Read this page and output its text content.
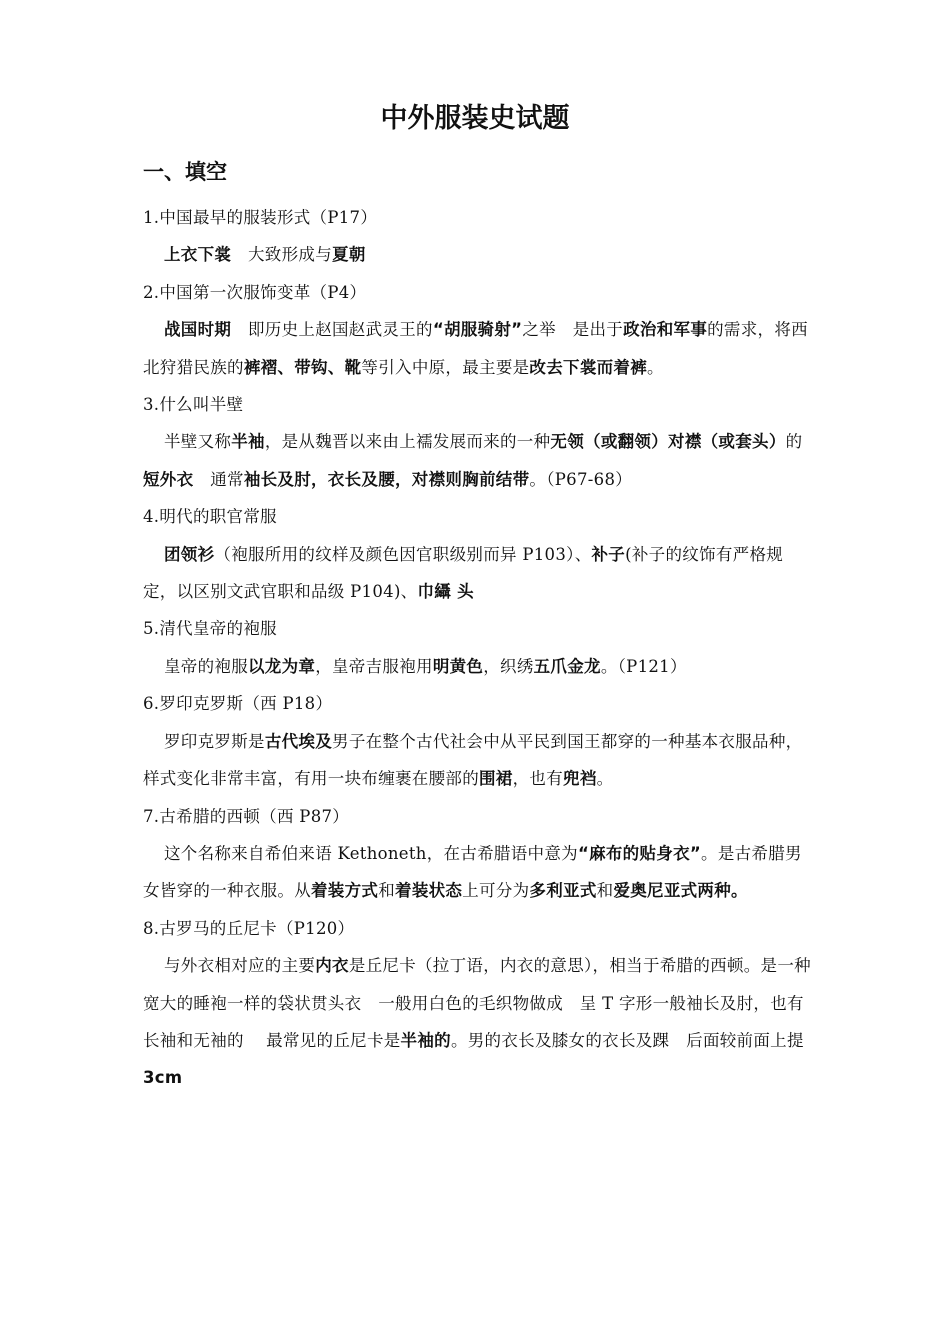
中外服装史试题
一、填空
1.中国最早的服装形式（P17）
上衣下裳　大致形成与夏朝
2.中国第一次服饰变革（P4）
战国时期　即历史上赵国赵武灵王的“胡服骑射”之举　是出于政治和军事的需求，将西北狩猎民族的裤褶、带钩、靴等引入中原，最主要是改去下裳而着裤。
3.什么叫半壁
半壁又称半袖，是从魏晋以来由上襦发展而来的一种无领（或翻领）对襟（或套头）的短外衣　通常袖长及肘，衣长及腰，对襟则胸前结带。（P67-68）
4.明代的职官常服
团领衫（袍服所用的纹样及颜色因官职级别而异 P103）、补子(补子的纹饰有严格规定，以区别文武官职和品级 P104)、巾䌰 头
5.清代皇帝的袍服
皇帝的袍服以龙为章，皇帝吉服袍用明黄色，织绣五爪金龙。（P121）
6.罗印克罗斯（西 P18）
罗印克罗斯是古代埃及男子在整个古代社会中从平民到国王都穿的一种基本衣服品种，样式变化非常丰富，有用一块布缠裹在腰部的围裙，也有兜裆。
7.古希腊的西顿（西 P87）
这个名称来自希伯来语 Kethoneth，在古希腊语中意为“麻布的贴身衣”。是古希腊男女皆穿的一种衣服。从着装方式和着装状态上可分为多利亚式和爱奥尼亚式两种。
8.古罗马的丘尼卡（P120）
与外衣相对应的主要内衣是丘尼卡（拉丁语，内衣的意思），相当于希腊的西顿。是一种宽大的睡袍一样的袋状贯头衣　一般用白色的毛织物做成　呈 T 字形一般袖长及肘，也有长袖和无袖的　 最常见的丘尼卡是半袖的。男的衣长及膝女的衣长及踝　后面较前面上提 3cm
